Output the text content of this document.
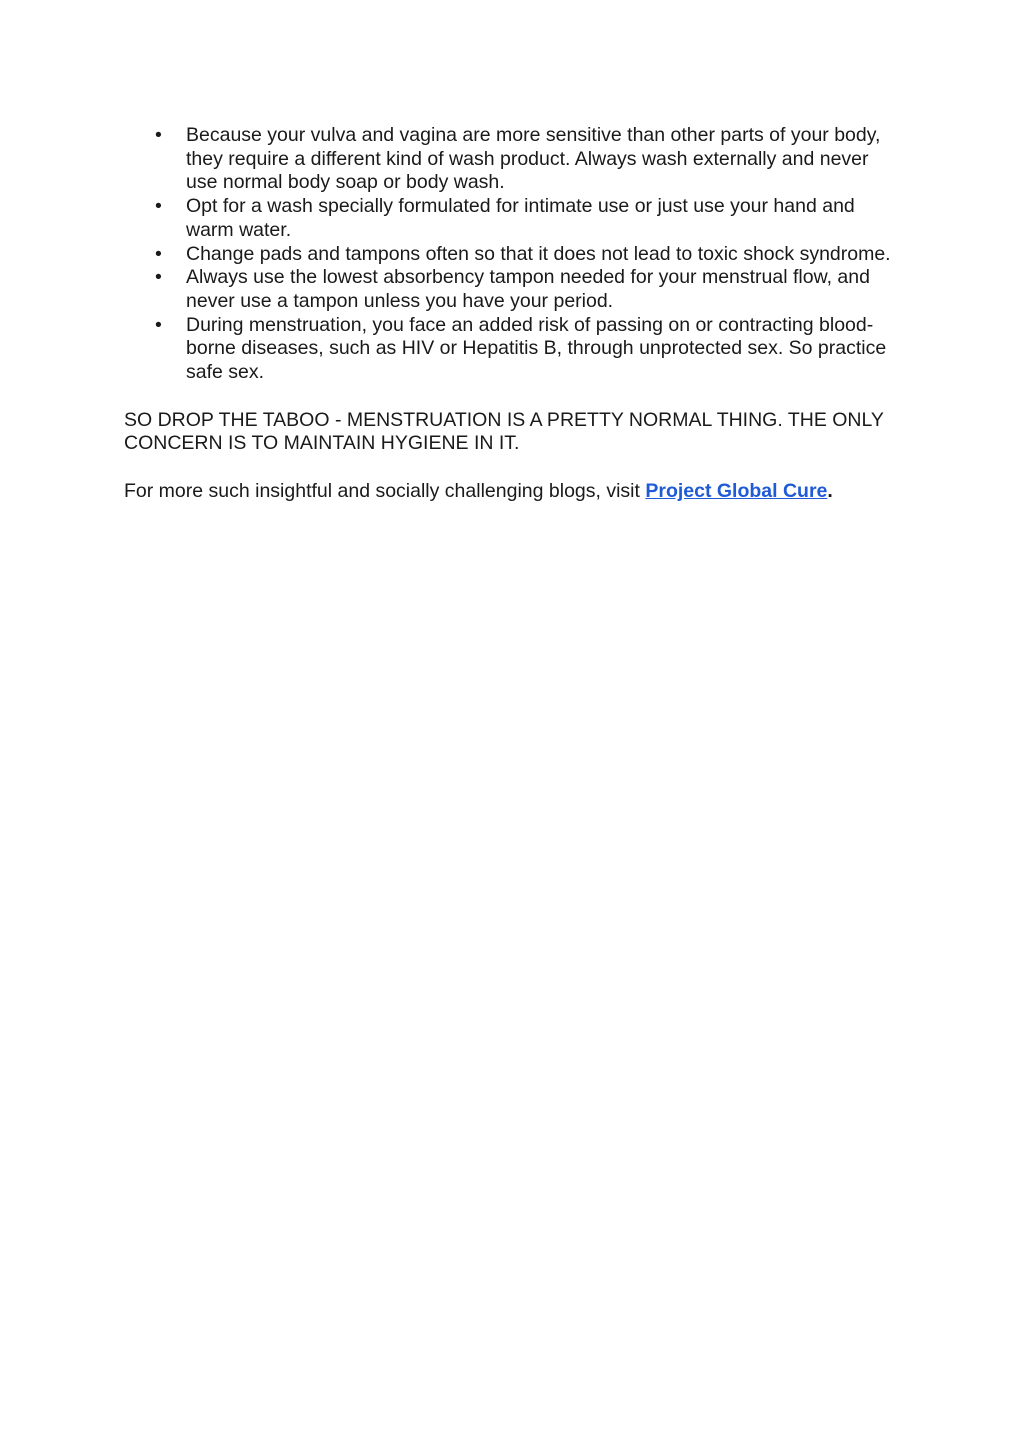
• Because your vulva and vagina are more sensitive than other parts of your body, they require a different kind of wash product. Always wash externally and never use normal body soap or body wash.
• Opt for a wash specially formulated for intimate use or just use your hand and warm water.
• Change pads and tampons often so that it does not lead to toxic shock syndrome.
• Always use the lowest absorbency tampon needed for your menstrual flow, and never use a tampon unless you have your period.
• During menstruation, you face an added risk of passing on or contracting blood-borne diseases, such as HIV or Hepatitis B, through unprotected sex. So practice safe sex.

SO DROP THE TABOO - MENSTRUATION IS A PRETTY NORMAL THING. THE ONLY CONCERN IS TO MAINTAIN HYGIENE IN IT.

For more such insightful and socially challenging blogs, visit Project Global Cure.
